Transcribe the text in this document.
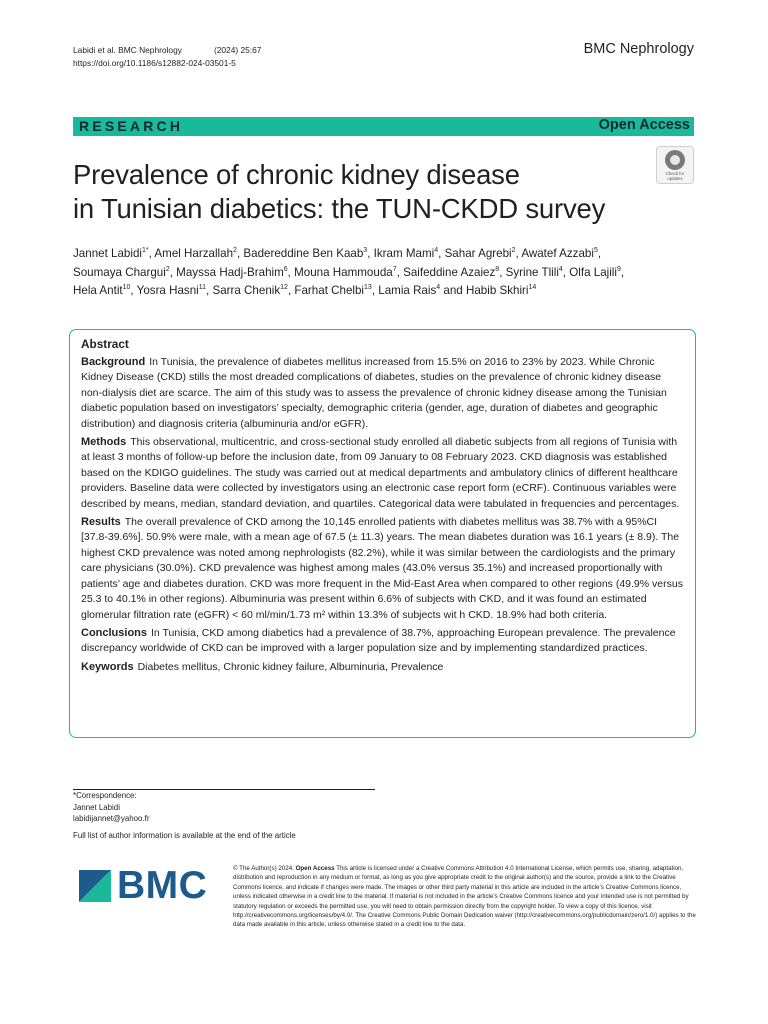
Labidi et al. BMC Nephrology	(2024) 25:67
https://doi.org/10.1186/s12882-024-03501-5
BMC Nephrology
RESEARCH	Open Access
Prevalence of chronic kidney disease
in Tunisian diabetics: the TUN-CKDD survey
Check for
updates
Jannet Labidi$^{1*}$, Amel Harzallah$^2$, Badereddine Ben Kaab$^3$, Ikram Mami$^4$, Sahar Agrebi$^2$, Awatef Azzabi$^5$,
Soumaya Chargui$^2$, Mayssa Hadj-Brahim$^6$, Mouna Hammouda$^7$, Saifeddine Azaiez$^8$, Syrine Tlili$^4$, Olfa Lajili$^9$,
Hela Antit$^{10}$, Yosra Hasni$^{11}$, Sarra Chenik$^{12}$, Farhat Chelbi$^{13}$, Lamia Rais$^4$ and Habib Skhiri$^{14}$
Abstract

Background In Tunisia, the prevalence of diabetes mellitus increased from 15.5% on 2016 to 23% by 2023. While Chronic Kidney Disease (CKD) stills the most dreaded complications of diabetes, studies on the prevalence of chronic kidney disease non-dialysis diet are scarce. The aim of this study was to assess the prevalence of chronic kidney disease among the Tunisian diabetic population based on investigators’ specialty, demographic criteria (gender, age, duration of diabetes and geographic distribution) and diagnosis criteria (albuminuria and/or eGFR).

Methods This observational, multicentric, and cross-sectional study enrolled all diabetic subjects from all regions of Tunisia with at least 3 months of follow-up before the inclusion date, from 09 January to 08 February 2023. CKD diagnosis was established based on the KDIGO guidelines. The study was carried out at medical departments and ambulatory clinics of different healthcare providers. Baseline data were collected by investigators using an electronic case report form (eCRF). Continuous variables were described by means, median, standard deviation, and quartiles. Categorical data were tabulated in frequencies and percentages.

Results The overall prevalence of CKD among the 10,145 enrolled patients with diabetes mellitus was 38.7% with a 95%CI [37.8-39.6%]. 50.9% were male, with a mean age of 67.5 (± 11.3) years. The mean diabetes duration was 16.1 years (± 8.9). The highest CKD prevalence was noted among nephrologists (82.2%), while it was similar between the cardiologists and the primary care physicians (30.0%). CKD prevalence was highest among males (43.0% versus 35.1%) and increased proportionally with patients’ age and diabetes duration. CKD was more frequent in the Mid-East Area when compared to other regions (49.9% versus 25.3 to 40.1% in other regions). Albuminuria was present within 6.6% of subjects with CKD, and it was found an estimated glomerular filtration rate (eGFR) < 60 ml/min/1.73 m² within 13.3% of subjects wit h CKD. 18.9% had both criteria.

Conclusions In Tunisia, CKD among diabetics had a prevalence of 38.7%, approaching European prevalence. The prevalence discrepancy worldwide of CKD can be improved with a larger population size and by implementing standardized practices.

Keywords Diabetes mellitus, Chronic kidney failure, Albuminuria, Prevalence

*Correspondence:
Jannet Labidi
labidijannet@yahoo.fr
Full list of author information is available at the end of the article
BMC	© The Author(s) 2024. Open Access This article is licensed under a Creative Commons Attribution 4.0 International License, which permits use, sharing, adaptation, distribution and reproduction in any medium or format, as long as you give appropriate credit to the original author(s) and the source, provide a link to the Creative Commons licence, and indicate if changes were made. The images or other third party material in this article are included in the article’s Creative Commons licence, unless indicated otherwise in a credit line to the material. If material is not included in the article’s Creative Commons licence and your intended use is not permitted by statutory regulation or exceeds the permitted use, you will need to obtain permission directly from the copyright holder. To view a copy of this licence, visit http://creativecommons.org/licenses/by/4.0/. The Creative Commons Public Domain Dedication waiver (http://creativecommons.org/publicdomain/zero/1.0/) applies to the data made available in this article, unless otherwise stated in a credit line to the data.
